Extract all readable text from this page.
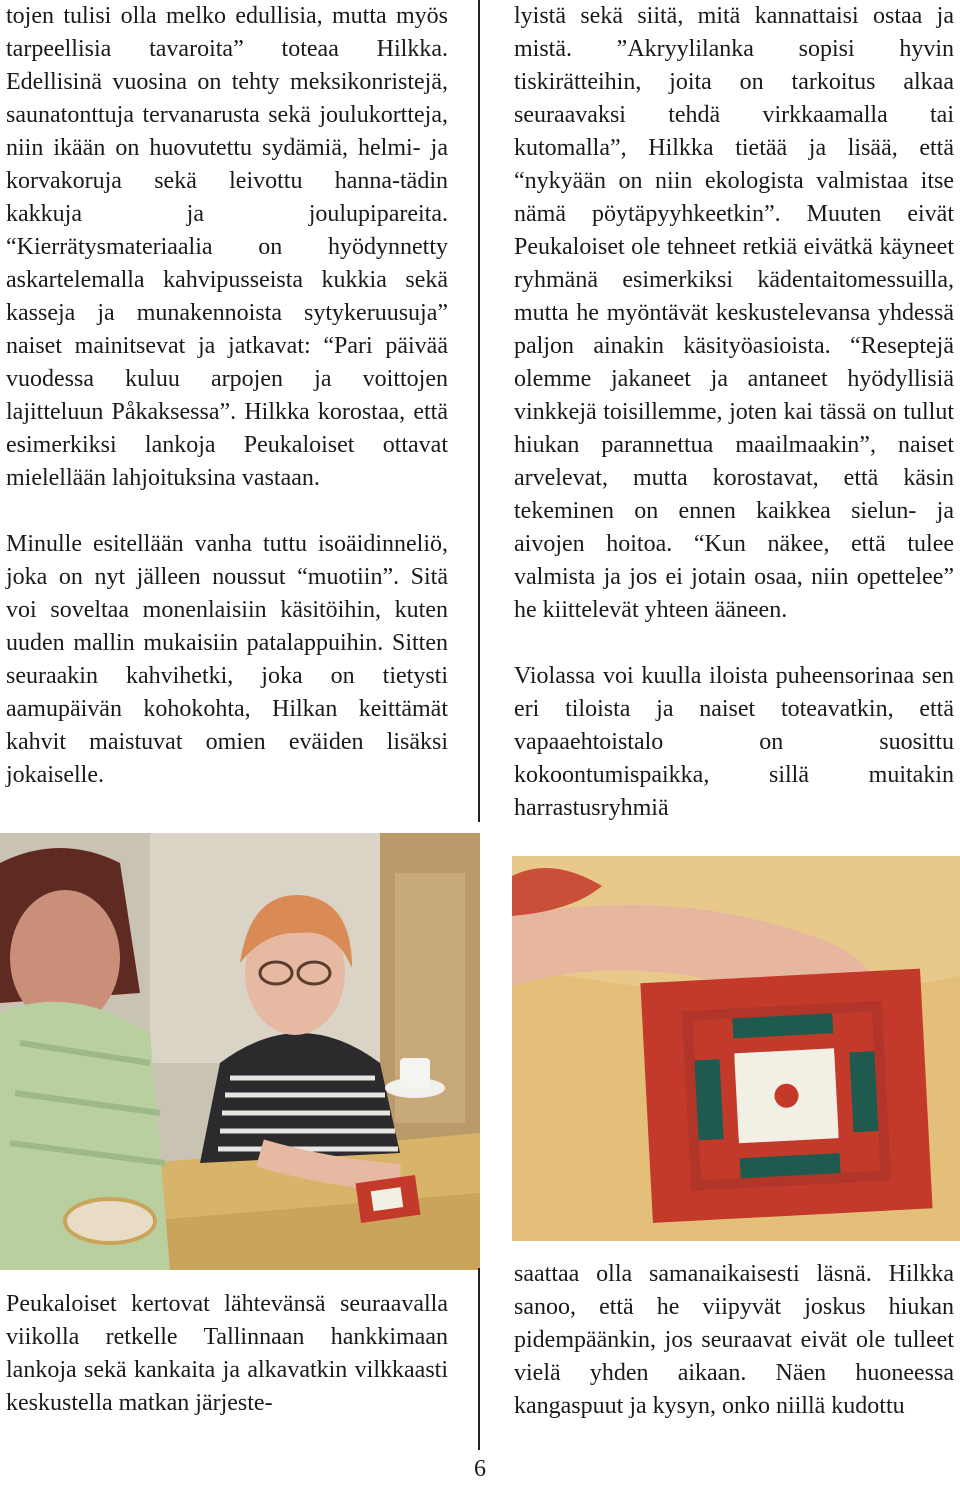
tojen tulisi olla melko edullisia, mutta myös tarpeellisia tavaroita” toteaa Hilkka. Edellisinä vuosina on tehty meksikonristejä, saunatonttuja tervanarusta sekä joulukortteja, niin ikään on huovutettu sydämiä, helmi- ja korvakoruja sekä leivottu hanna-tädin kakkuja ja joulupipareita. “Kierrätysmateriaalia on hyödynnetty askartelemalla kahvipusseista kukkia sekä kasseja ja munakennoista sytykeruusuja” naiset mainitsevat ja jatkavat: “Pari päivää vuodessa kuluu arpojen ja voittojen lajitteluun Påkaksessa”. Hilkka korostaa, että esimerkiksi lankoja Peukaloiset ottavat mielellään lahjoituksina vastaan.

Minulle esitellään vanha tuttu isoäidinneliö, joka on nyt jälleen noussut “muotiin”. Sitä voi soveltaa monenlaisiin käsitöihin, kuten uuden mallin mukaisiin patalappuihin. Sitten seuraakin kahvihetki, joka on tietysti aamupäivän kohokohta, Hilkan keittämät kahvit maistuvat omien eväiden lisäksi jokaiselle.

lyistä sekä siitä, mitä kannattaisi ostaa ja mistä. ”Akryylilanka sopisi hyvin tiskirätteihin, joita on tarkoitus alkaa seuraavaksi tehdä virkkaamalla tai kutomalla”, Hilkka tietää ja lisää, että “nykyään on niin ekologista valmistaa itse nämä pöytäpyyhkeetkin”. Muuten eivät Peukaloiset ole tehneet retkiä eivätkä käyneet ryhmänä esimerkiksi kädentaitomessuilla, mutta he myöntävät keskustelevansa yhdessä paljon ainakin käsityöasioista. “Reseptejä olemme jakaneet ja antaneet hyödyllisiä vinkkejä toisillemme, joten kai tässä on tullut hiukan parannettua maailmaakin”, naiset arvelevat, mutta korostavat, että käsin tekeminen on ennen kaikkea sielun- ja aivojen hoitoa. “Kun näkee, että tulee valmista ja jos ei jotain osaa, niin opettelee” he kiittelevät yhteen ääneen.

Violassa voi kuulla iloista puheensorinaa sen eri tiloista ja naiset toteavatkin, että vapaaehtoistalo on suosittu kokoontumispaikka, sillä muitakin harrastusryhmiä

Peukaloiset kertovat lähtevänsä seuraavalla viikolla retkelle Tallinnaan hankkimaan lankoja sekä kankaita ja alkavatkin vilkkaasti keskustella matkan järjeste-

saattaa olla samanaikaisesti läsnä. Hilkka sanoo, että he viipyvät joskus hiukan pidempäänkin, jos seuraavat eivät ole tulleet vielä yhden aikaan. Näen huoneessa kangaspuut ja kysyn, onko niillä kudottu

6
